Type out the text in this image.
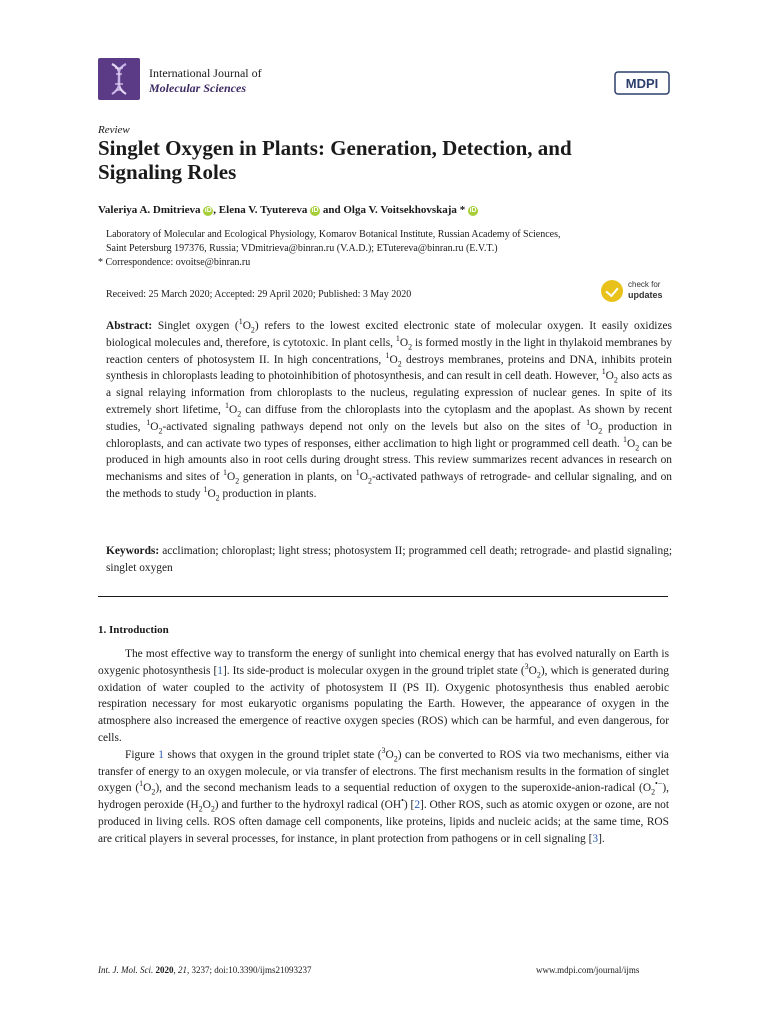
International Journal of
Molecular Sciences	MDPI
Review
Singlet Oxygen in Plants: Generation, Detection, and Signaling Roles
Valeriya A. Dmitrieva iD , Elena V. Tyutereva iD and Olga V. Voitsekhovskaja * iD
Laboratory of Molecular and Ecological Physiology, Komarov Botanical Institute, Russian Academy of Sciences,
Saint Petersburg 197376, Russia; VDmitrieva@binran.ru (V.A.D.); ETutereva@binran.ru (E.V.T.)
* Correspondence: ovoitse@binran.ru
Received: 25 March 2020; Accepted: 29 April 2020; Published: 3 May 2020
check for
updates
Abstract: Singlet oxygen $(^1O_2)$ refers to the lowest excited electronic state of molecular oxygen. It easily oxidizes biological molecules and, therefore, is cytotoxic. In plant cells, $^1O_2$ is formed mostly in the light in thylakoid membranes by reaction centers of photosystem II. In high concentrations, $^1O_2$ destroys membranes, proteins and DNA, inhibits protein synthesis in chloroplasts leading to photoinhibition of photosynthesis, and can result in cell death. However, $^1O_2$ also acts as a signal relaying information from chloroplasts to the nucleus, regulating expression of nuclear genes. In spite of its extremely short lifetime, $^1O_2$ can diffuse from the chloroplasts into the cytoplasm and the apoplast. As shown by recent studies, $^1O_2$-activated signaling pathways depend not only on the levels but also on the sites of $^1O_2$ production in chloroplasts, and can activate two types of responses, either acclimation to high light or programmed cell death. $^1O_2$ can be produced in high amounts also in root cells during drought stress. This review summarizes recent advances in research on mechanisms and sites of $^1O_2$ generation in plants, on $^1O_2$-activated pathways of retrograde- and cellular signaling, and on the methods to study $^1O_2$ production in plants.
Keywords: acclimation; chloroplast; light stress; photosystem II; programmed cell death; retrograde- and plastid signaling; singlet oxygen
1. Introduction

The most effective way to transform the energy of sunlight into chemical energy that has evolved naturally on Earth is oxygenic photosynthesis [1]. Its side-product is molecular oxygen in the ground triplet state $(^3O_2)$, which is generated during oxidation of water coupled to the activity of photosystem II (PS II). Oxygenic photosynthesis thus enabled aerobic respiration necessary for most eukaryotic organisms populating the Earth. However, the appearance of oxygen in the atmosphere also increased the emergence of reactive oxygen species (ROS) which can be harmful, and even dangerous, for cells.

Figure 1 shows that oxygen in the ground triplet state $(^3O_2)$ can be converted to ROS via two mechanisms, either via transfer of energy to an oxygen molecule, or via transfer of electrons. The first mechanism results in the formation of singlet oxygen $(^1O_2)$, and the second mechanism leads to a sequential reduction of oxygen to the superoxide-anion-radical $(O_2^{•-})$, hydrogen peroxide $(H_2O_2)$ and further to the hydroxyl radical (OH•) [2]. Other ROS, such as atomic oxygen or ozone, are not produced in living cells. ROS often damage cell components, like proteins, lipids and nucleic acids; at the same time, ROS are critical players in several processes, for instance, in plant protection from pathogens or in cell signaling [3].

Int. J. Mol. Sci. 2020, 21, 3237; doi:10.3390/ijms21093237	www.mdpi.com/journal/ijms
